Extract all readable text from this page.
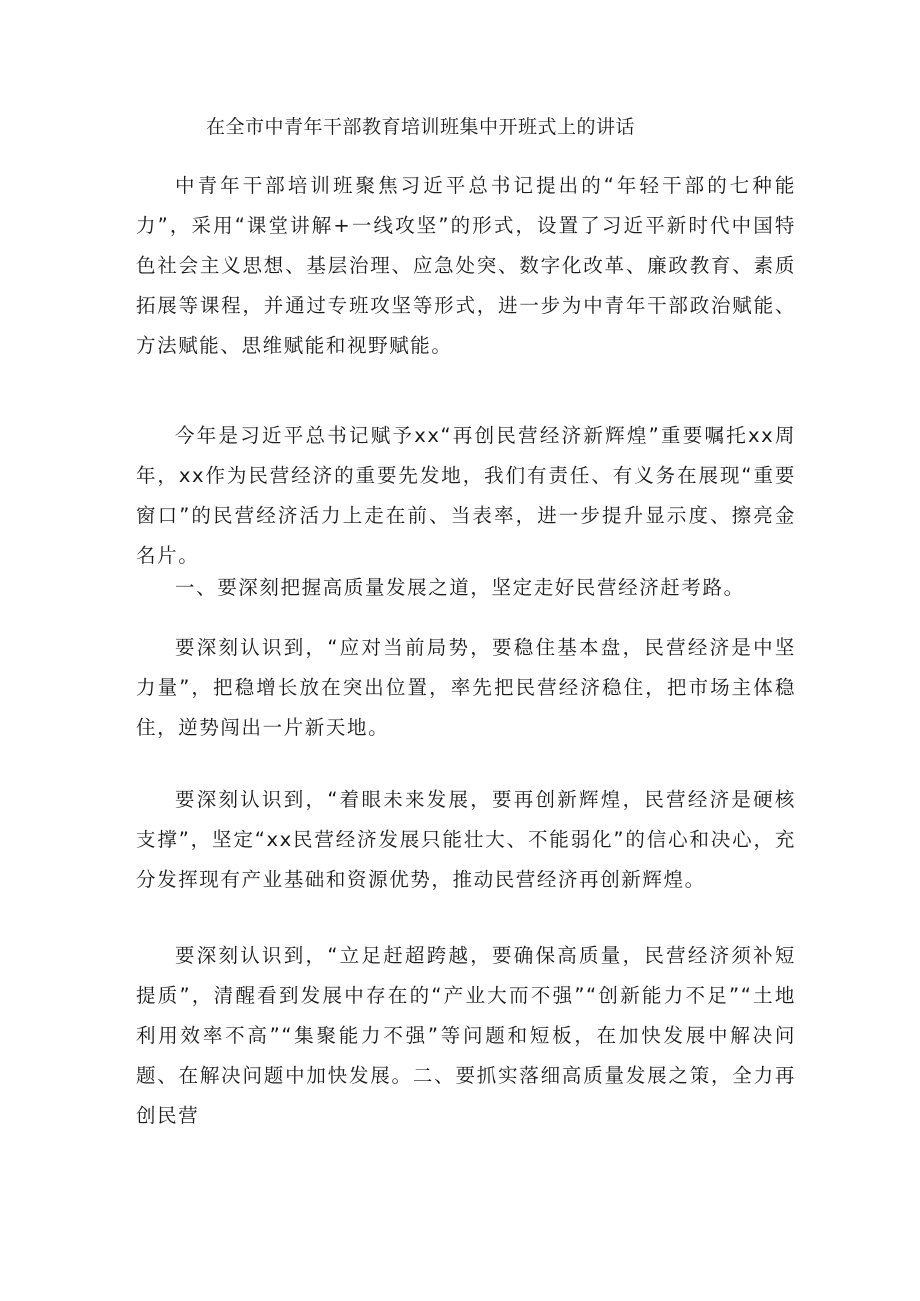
在全市中青年干部教育培训班集中开班式上的讲话

中青年干部培训班聚焦习近平总书记提出的“年轻干部的七种能力”，采用“课堂讲解+一线攻坚”的形式，设置了习近平新时代中国特色社会主义思想、基层治理、应急处突、数字化改革、廉政教育、素质拓展等课程，并通过专班攻坚等形式，进一步为中青年干部政治赋能、方法赋能、思维赋能和视野赋能。

今年是习近平总书记赋予xx“再创民营经济新辉煌”重要嘱托xx周年，xx作为民营经济的重要先发地，我们有责任、有义务在展现“重要窗口”的民营经济活力上走在前、当表率，进一步提升显示度、擦亮金名片。

一、要深刻把握高质量发展之道，坚定走好民营经济赶考路。

要深刻认识到，“应对当前局势，要稳住基本盘，民营经济是中坚力量”，把稳增长放在突出位置，率先把民营经济稳住，把市场主体稳住，逆势闯出一片新天地。

要深刻认识到，“着眼未来发展，要再创新辉煌，民营经济是硬核支撑”，坚定“xx民营经济发展只能壮大、不能弱化”的信心和决心，充分发挥现有产业基础和资源优势，推动民营经济再创新辉煌。

要深刻认识到，“立足赶超跨越，要确保高质量，民营经济须补短提质”，清醒看到发展中存在的“产业大而不强”“创新能力不足”“土地利用效率不高”“集聚能力不强”等问题和短板，在加快发展中解决问题、在解决问题中加快发展。二、要抓实落细高质量发展之策，全力再创民营
